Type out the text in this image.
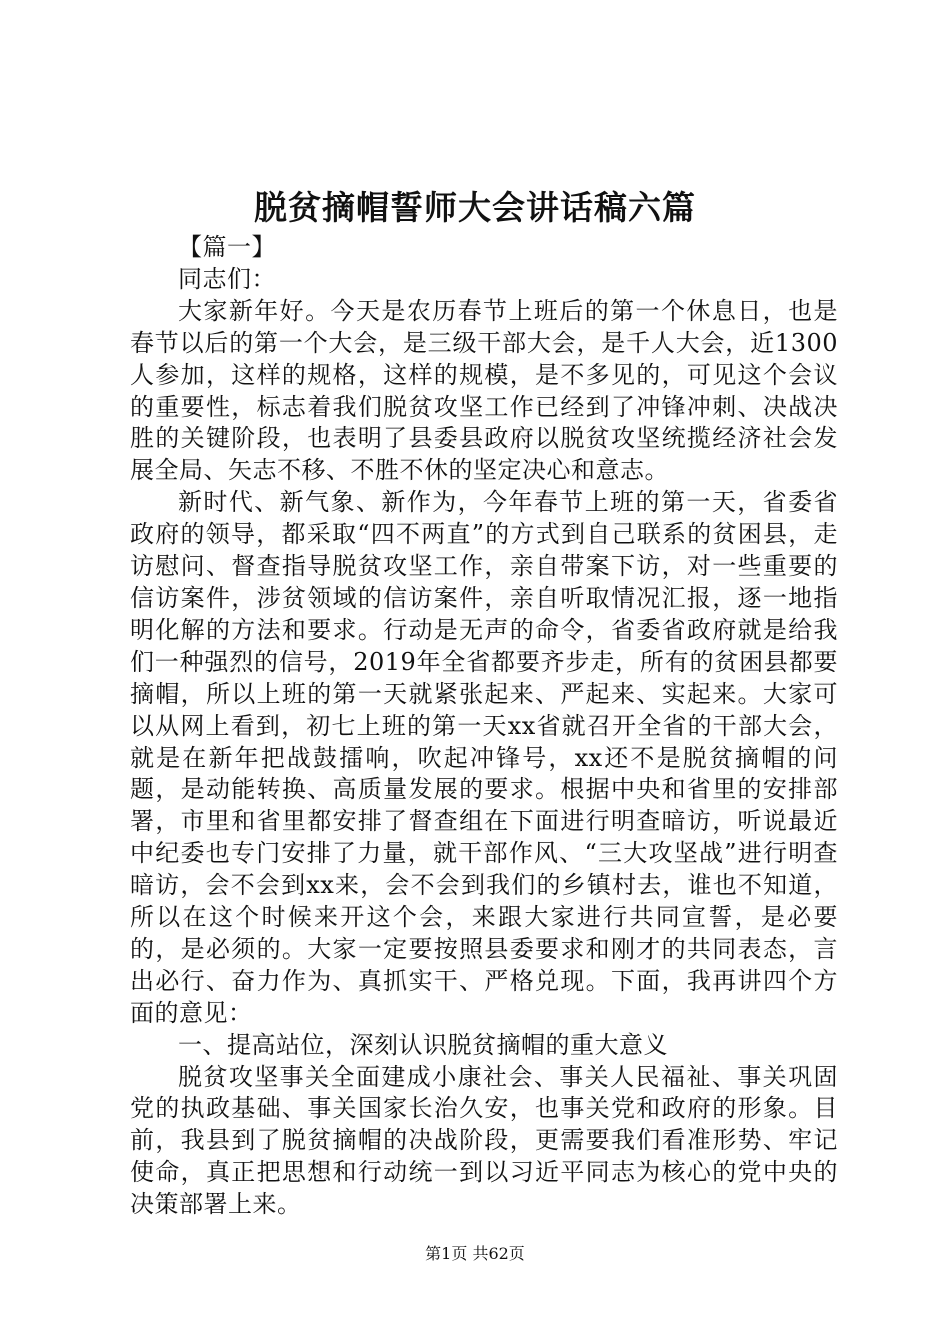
脱贫摘帽誓师大会讲话稿六篇

【篇一】

同志们：

大家新年好。今天是农历春节上班后的第一个休息日，也是春节以后的第一个大会，是三级干部大会，是千人大会，近1300人参加，这样的规格，这样的规模，是不多见的，可见这个会议的重要性，标志着我们脱贫攻坚工作已经到了冲锋冲刺、决战决胜的关键阶段，也表明了县委县政府以脱贫攻坚统揽经济社会发展全局、矢志不移、不胜不休的坚定决心和意志。

新时代、新气象、新作为，今年春节上班的第一天，省委省政府的领导，都采取“四不两直”的方式到自己联系的贫困县，走访慰问、督查指导脱贫攻坚工作，亲自带案下访，对一些重要的信访案件，涉贫领域的信访案件，亲自听取情况汇报，逐一地指明化解的方法和要求。行动是无声的命令，省委省政府就是给我们一种强烈的信号，2019年全省都要齐步走，所有的贫困县都要摘帽，所以上班的第一天就紧张起来、严起来、实起来。大家可以从网上看到，初七上班的第一天xx省就召开全省的干部大会，就是在新年把战鼓擂响，吹起冲锋号，xx还不是脱贫摘帽的问题，是动能转换、高质量发展的要求。根据中央和省里的安排部署，市里和省里都安排了督查组在下面进行明查暗访，听说最近中纪委也专门安排了力量，就干部作风、“三大攻坚战”进行明查暗访，会不会到xx来，会不会到我们的乡镇村去，谁也不知道，所以在这个时候来开这个会，来跟大家进行共同宣誓，是必要的，是必须的。大家一定要按照县委要求和刚才的共同表态，言出必行、奋力作为、真抓实干、严格兑现。下面，我再讲四个方面的意见：

一、提高站位，深刻认识脱贫摘帽的重大意义

脱贫攻坚事关全面建成小康社会、事关人民福祉、事关巩固党的执政基础、事关国家长治久安，也事关党和政府的形象。目前，我县到了脱贫摘帽的决战阶段，更需要我们看准形势、牢记使命，真正把思想和行动统一到以习近平同志为核心的党中央的决策部署上来。

第1页 共62页
